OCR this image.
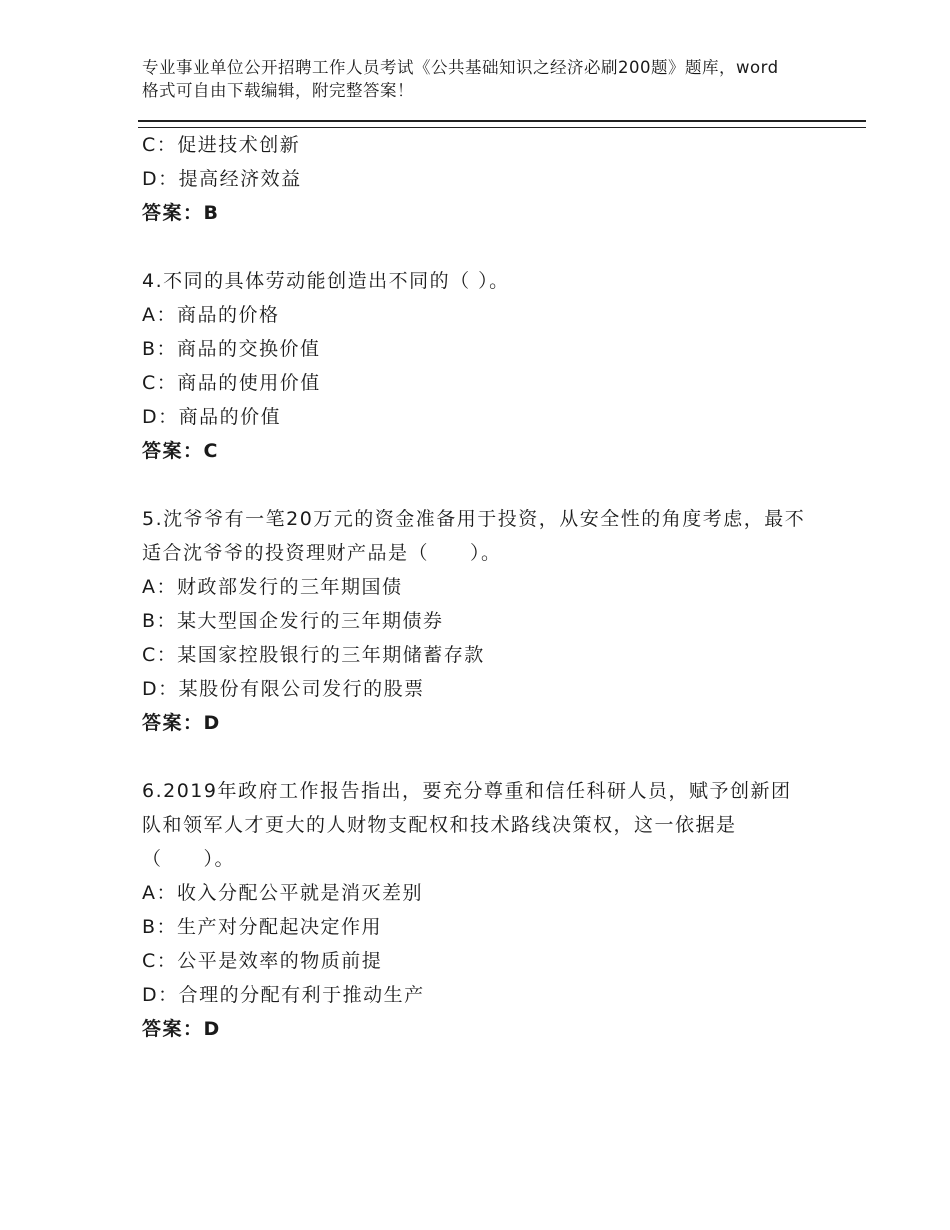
专业事业单位公开招聘工作人员考试《公共基础知识之经济必刷200题》题库，word格式可自由下载编辑，附完整答案！
C：促进技术创新
D：提高经济效益
答案：B
4.不同的具体劳动能创造出不同的（ ）。
A：商品的价格
B：商品的交换价值
C：商品的使用价值
D：商品的价值
答案：C
5.沈爷爷有一笔20万元的资金准备用于投资，从安全性的角度考虑，最不适合沈爷爷的投资理财产品是（　　）。
A：财政部发行的三年期国债
B：某大型国企发行的三年期债券
C：某国家控股银行的三年期储蓄存款
D：某股份有限公司发行的股票
答案：D
6.2019年政府工作报告指出，要充分尊重和信任科研人员，赋予创新团队和领军人才更大的人财物支配权和技术路线决策权，这一依据是（　　）。
A：收入分配公平就是消灭差别
B：生产对分配起决定作用
C：公平是效率的物质前提
D：合理的分配有利于推动生产
答案：D
